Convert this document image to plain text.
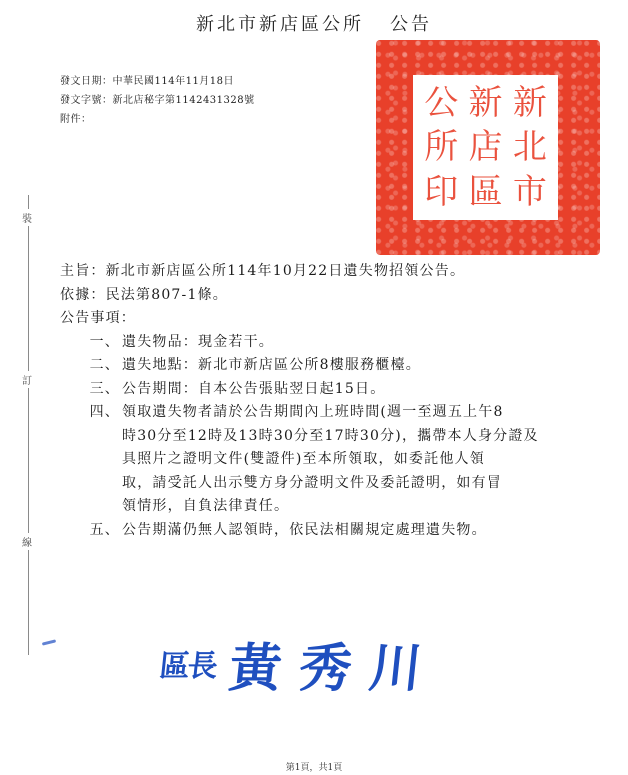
新北市新店區公所 公告
發文日期：中華民國114年11月18日
發文字號：新北店秘字第1142431328號
附件：	新
北
市
新
店
區
公
所
印
裝
訂
線
主旨：新北市新店區公所114年10月22日遺失物招領公告。
依據：民法第807-1條。
公告事項：
一、 遺失物品：現金若干。
二、 遺失地點：新北市新店區公所8樓服務櫃檯。
三、 公告期間：自本公告張貼翌日起15日。
四、 領取遺失物者請於公告期間內上班時間(週一至週五上午8
時30分至12時及13時30分至17時30分)，攜帶本人身分證及
具照片之證明文件(雙證件)至本所領取，如委託他人領
取，請受託人出示雙方身分證明文件及委託證明，如有冒
領情形，自負法律責任。
五、 公告期滿仍無人認領時，依民法相關規定處理遺失物。
區長 黃秀川
第1頁，共1頁
